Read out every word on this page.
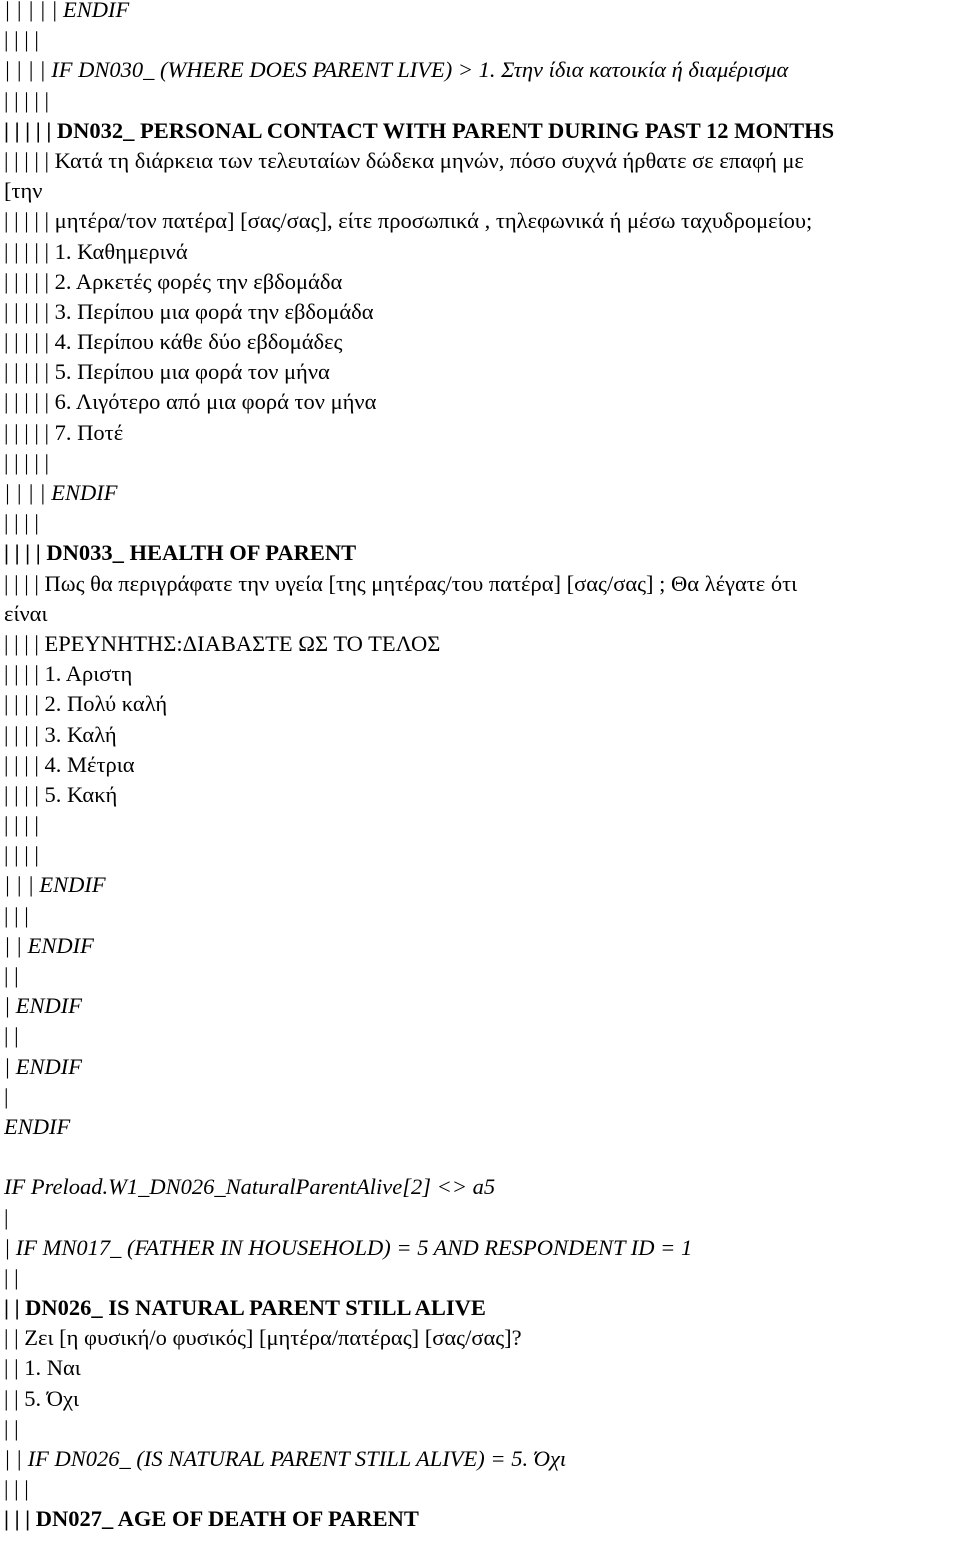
| | | | | ENDIF
| | | |
| | | | IF DN030_ (WHERE DOES PARENT LIVE) > 1. Στην ίδια κατοικία ή διαμέρισμα
| | | | |
| | | | | DN032_ PERSONAL CONTACT WITH PARENT DURING PAST 12 MONTHS
| | | | | Κατά τη διάρκεια των τελευταίων δώδεκα μηνών, πόσο συχνά ήρθατε σε επαφή με
[την
| | | | | μητέρα/τον πατέρα] [σας/σας], είτε προσωπικά , τηλεφωνικά ή μέσω ταχυδρομείου;
| | | | | 1. Καθημερινά
| | | | | 2. Αρκετές φορές την εβδομάδα
| | | | | 3. Περίπου μια φορά την εβδομάδα
| | | | | 4. Περίπου κάθε δύο εβδομάδες
| | | | | 5. Περίπου μια φορά τον μήνα
| | | | | 6. Λιγότερο από μια φορά τον μήνα
| | | | | 7. Ποτέ
| | | | |
| | | | ENDIF
| | | |
| | | | DN033_ HEALTH OF PARENT
| | | | Πως θα περιγράφατε την υγεία [της μητέρας/του πατέρα] [σας/σας] ; Θα λέγατε ότι
είναι
| | | | ΕΡΕΥΝΗΤΗΣ:ΔΙΑΒΑΣΤΕ ΩΣ ΤΟ ΤΕΛΟΣ
| | | | 1. Αριστη
| | | | 2. Πολύ καλή
| | | | 3. Καλή
| | | | 4. Μέτρια
| | | | 5. Κακή
| | | |
| | | |
| | | ENDIF
| | |
| | ENDIF
| |
| ENDIF
| |
| ENDIF
|
ENDIF
IF Preload.W1_DN026_NaturalParentAlive[2] <> a5
|
| IF MN017_ (FATHER IN HOUSEHOLD) = 5 AND RESPONDENT ID = 1
| |
| | DN026_ IS NATURAL PARENT STILL ALIVE
| | Ζει [η φυσική/ο φυσικός] [μητέρα/πατέρας] [σας/σας]?
| | 1. Ναι
| | 5. Όχι
| |
| | IF DN026_ (IS NATURAL PARENT STILL ALIVE) = 5. Όχι
| | |
| | | DN027_ AGE OF DEATH OF PARENT
